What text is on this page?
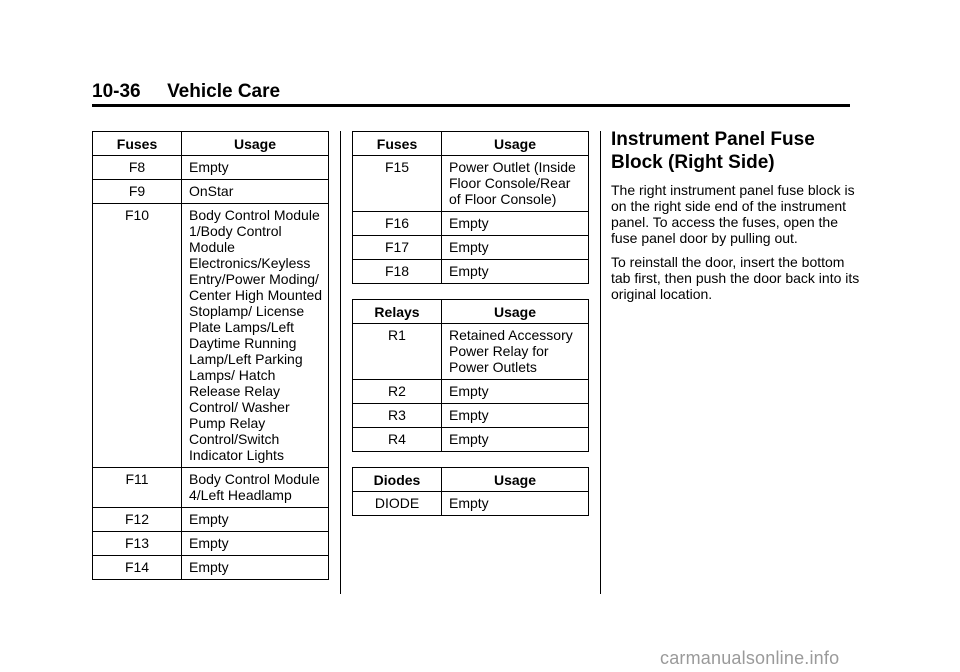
10-36 Vehicle Care
Fuses	Usage
F8	Empty
F9	OnStar
F10	Body Control Module 1/Body Control Module Electronics/Keyless Entry/Power Moding/ Center High Mounted Stoplamp/ License Plate Lamps/Left Daytime Running Lamp/Left Parking Lamps/ Hatch Release Relay Control/ Washer Pump Relay Control/Switch Indicator Lights
F11	Body Control Module 4/Left Headlamp
F12	Empty
F13	Empty
F14	Empty
Fuses	Usage
F15	Power Outlet (Inside Floor Console/Rear of Floor Console)
F16	Empty
F17	Empty
F18	Empty
Relays	Usage
R1	Retained Accessory Power Relay for Power Outlets
R2	Empty
R3	Empty
R4	Empty
Diodes	Usage
DIODE	Empty
Instrument Panel Fuse Block (Right Side)

The right instrument panel fuse block is on the right side end of the instrument panel. To access the fuses, open the fuse panel door by pulling out.

To reinstall the door, insert the bottom tab first, then push the door back into its original location.

carmanualsonline.info
